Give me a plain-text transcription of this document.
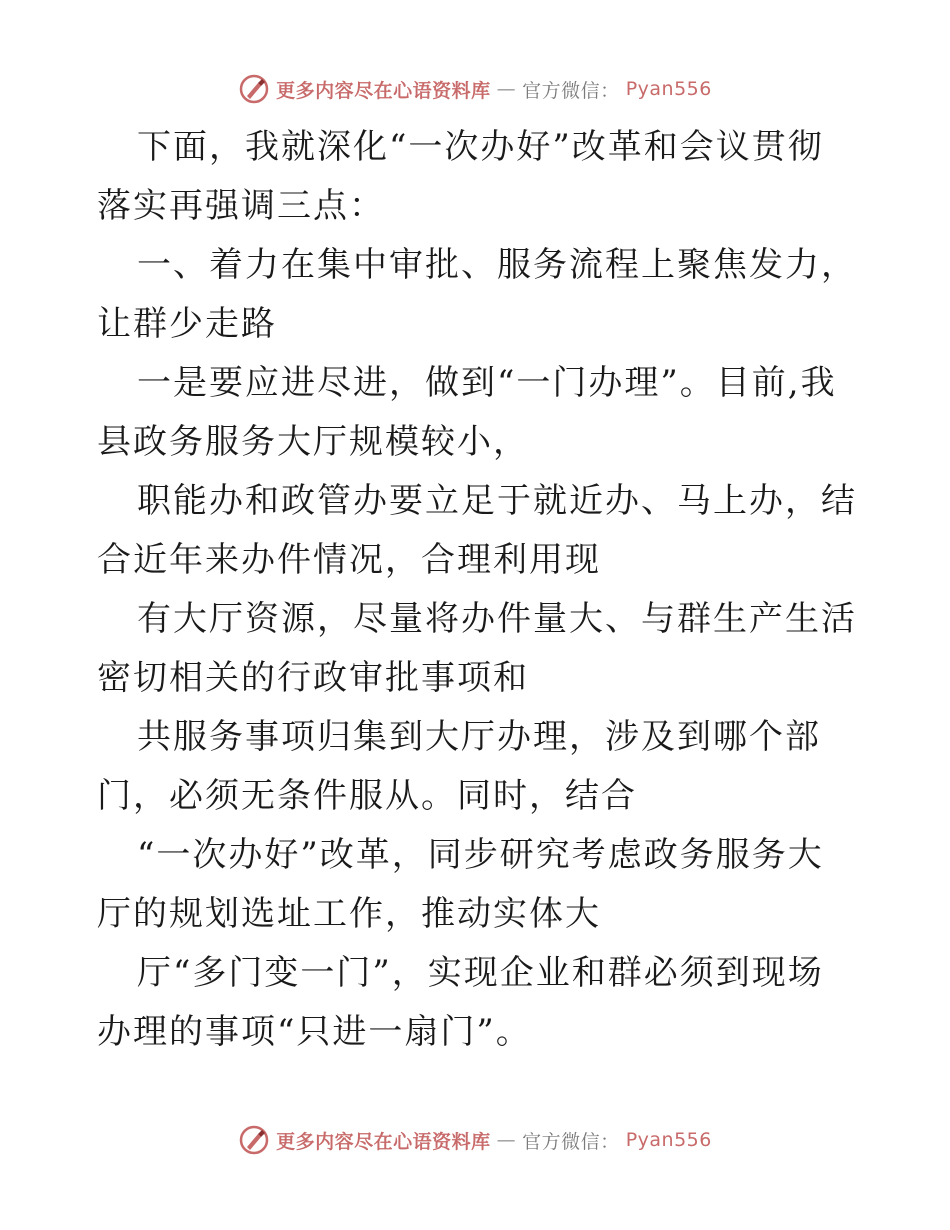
更多内容尽在心语资料库 — 官方微信： Pyan556

下面，我就深化“一次办好”改革和会议贯彻落实再强调三点：

一、着力在集中审批、服务流程上聚焦发力，让群少走路

一是要应进尽进，做到“一门办理”。目前,我县政务服务大厅规模较小，

职能办和政管办要立足于就近办、马上办，结合近年来办件情况，合理利用现

有大厅资源，尽量将办件量大、与群生产生活密切相关的行政审批事项和

共服务事项归集到大厅办理，涉及到哪个部门，必须无条件服从。同时，结合

“一次办好”改革，同步研究考虑政务服务大厅的规划选址工作，推动实体大

厅“多门变一门”，实现企业和群必须到现场办理的事项“只进一扇门”。

更多内容尽在心语资料库 — 官方微信： Pyan556
